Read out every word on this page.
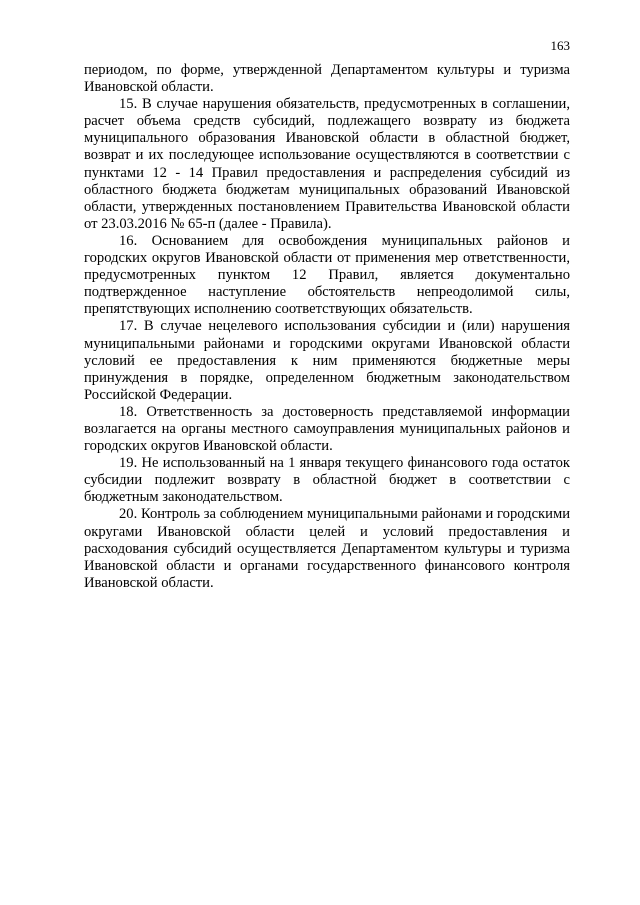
163

периодом, по форме, утвержденной Департаментом культуры и туризма Ивановской области.

15. В случае нарушения обязательств, предусмотренных в соглашении, расчет объема средств субсидий, подлежащего возврату из бюджета муниципального образования Ивановской области в областной бюджет, возврат и их последующее использование осуществляются в соответствии с пунктами 12 - 14 Правил предоставления и распределения субсидий из областного бюджета бюджетам муниципальных образований Ивановской области, утвержденных постановлением Правительства Ивановской области от 23.03.2016 № 65-п (далее - Правила).

16. Основанием для освобождения муниципальных районов и городских округов Ивановской области от применения мер ответственности, предусмотренных пунктом 12 Правил, является документально подтвержденное наступление обстоятельств непреодолимой силы, препятствующих исполнению соответствующих обязательств.

17. В случае нецелевого использования субсидии и (или) нарушения муниципальными районами и городскими округами Ивановской области условий ее предоставления к ним применяются бюджетные меры принуждения в порядке, определенном бюджетным законодательством Российской Федерации.

18. Ответственность за достоверность представляемой информации возлагается на органы местного самоуправления муниципальных районов и городских округов Ивановской области.

19. Не использованный на 1 января текущего финансового года остаток субсидии подлежит возврату в областной бюджет в соответствии с бюджетным законодательством.

20. Контроль за соблюдением муниципальными районами и городскими округами Ивановской области целей и условий предоставления и расходования субсидий осуществляется Департаментом культуры и туризма Ивановской области и органами государственного финансового контроля Ивановской области.
